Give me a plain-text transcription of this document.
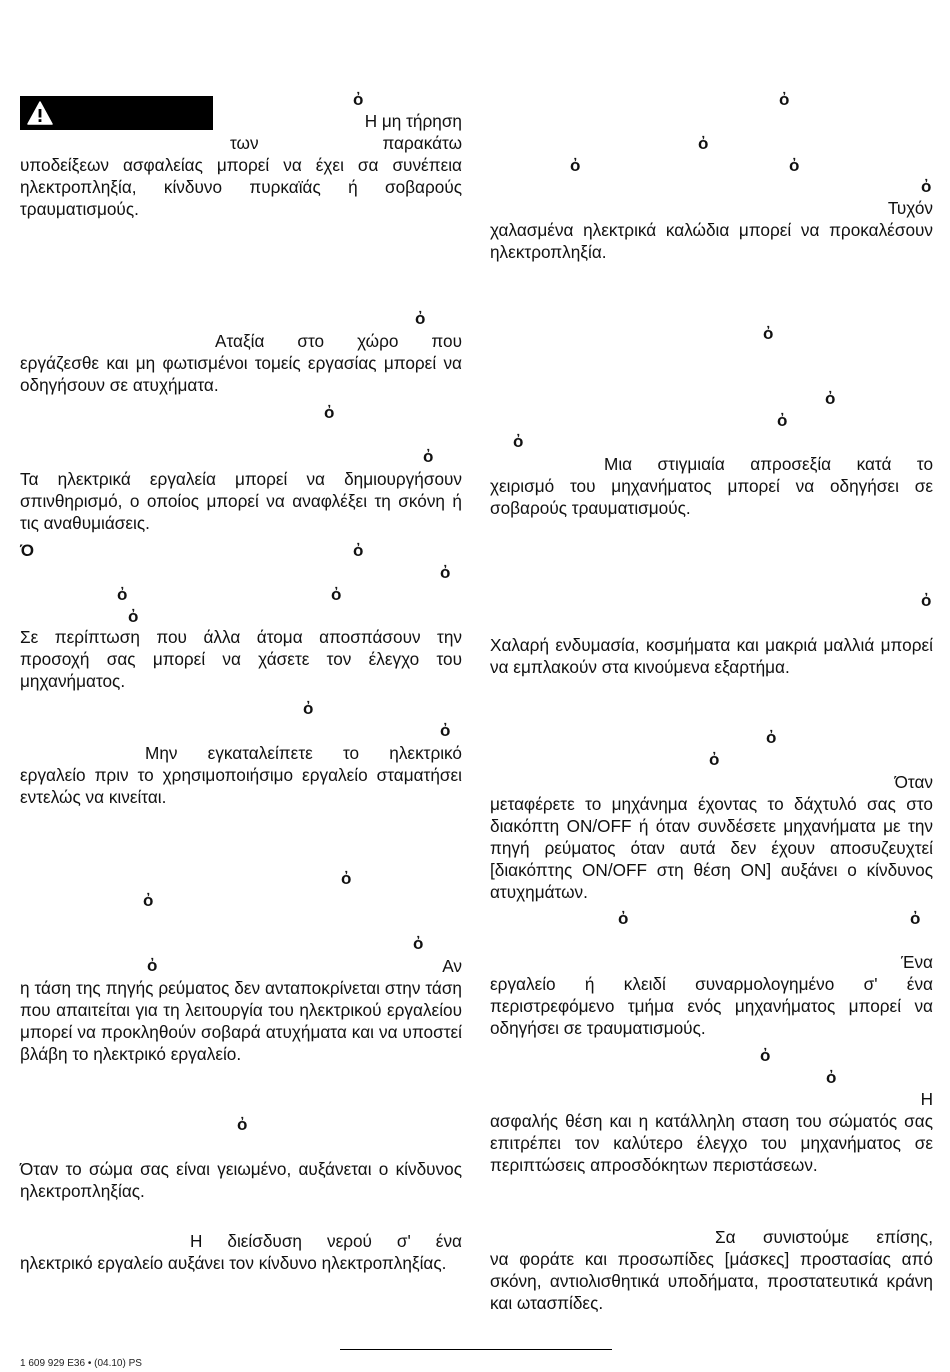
ὀ

Η μη τήρηση

των παρακάτω

υποδείξεων ασφαλείας μπορεί να έχει σα συνέπεια ηλεκτροπληξία, κίνδυνο πυρκαϊάς ή σοβαρούς τραυματισμούς.

ὀ

Αταξία στο χώρο που

εργάζεσθε και μη φωτισμένοι τομείς εργασίας μπορεί να οδηγήσουν σε ατυχήματα.

ὀ
ὀ

Τα ηλεκτρικά εργαλεία μπορεί να δημιουργήσουν σπινθηρισμό, ο οποίος μπορεί να αναφλέξει τη σκόνη ή τις αναθυμιάσεις.

Ό	ὀ
ὀ
ὀ	ὀ
ὀ

Σε περίπτωση που άλλα άτομα αποσπάσουν την προσοχή σας μπορεί να χάσετε τον έλεγχο του μηχανήματος.

ὀ
ὀ

Μην εγκαταλείπετε το ηλεκτρικό

εργαλείο πριν το χρησιμοποιήσιμο εργαλείο σταματήσει εντελώς να κινείται.

ὀ
ὀ
ὀ
ὀ	Αν

η τάση της πηγής ρεύματος δεν ανταποκρίνεται στην τάση που απαιτείται για τη λειτουργία του ηλεκτρικού εργαλείου μπορεί να προκληθούν σοβαρά ατυχήματα και να υποστεί βλάβη το ηλεκτρικό εργαλείο.

ὀ

Όταν το σώμα σας είναι γειωμένο, αυξάνεται ο κίνδυνος ηλεκτροπληξίας.

Η διείσδυση νερού σ' ένα

ηλεκτρικό εργαλείο αυξάνει τον κίνδυνο ηλεκτροπληξίας.

ὀ
ὀ
ὀ	ὀ
ὀ

Τυχόν

χαλασμένα ηλεκτρικά καλώδια μπορεί να προκαλέσουν ηλεκτροπληξία.

ὀ
ὀ
ὀ
ὀ

Μια στιγμιαία απροσεξία κατά το

χειρισμό του μηχανήματος μπορεί να οδηγήσει σε σοβαρούς τραυματισμούς.

ὀ

Χαλαρή ενδυμασία, κοσμήματα και μακριά μαλλιά μπορεί να εμπλακούν στα κινούμενα εξαρτήμα.

ὀ
ὀ

Όταν

μεταφέρετε το μηχάνημα έχοντας το δάχτυλό σας στο διακόπτη ON/OFF ή όταν συνδέσετε μηχανήματα με την πηγή ρεύματος όταν αυτά δεν έχουν αποσυζευχτεί [διακόπτης ON/OFF στη θέση ON] αυξάνει ο κίνδυνος ατυχημάτων.

ὀ	ὀ

Ένα

εργαλείο ή κλειδί συναρμολογημένο σ' ένα περιστρεφόμενο τμήμα ενός μηχανήματος μπορεί να οδηγήσει σε τραυματισμούς.

ὀ
ὀ

Η

ασφαλής θέση και η κατάλληλη σταση του σώματός σας επιτρέπει τον καλύτερο έλεγχο του μηχανήματος σε περιπτώσεις απροσδόκητων περιστάσεων.

Σα συνιστούμε επίσης,

να φοράτε και προσωπίδες [μάσκες] προστασίας από σκόνη, αντιολισθητικά υποδήματα, προστατευτικά κράνη και ωτασπίδες.

1 609 929 E36 • (04.10) PS
